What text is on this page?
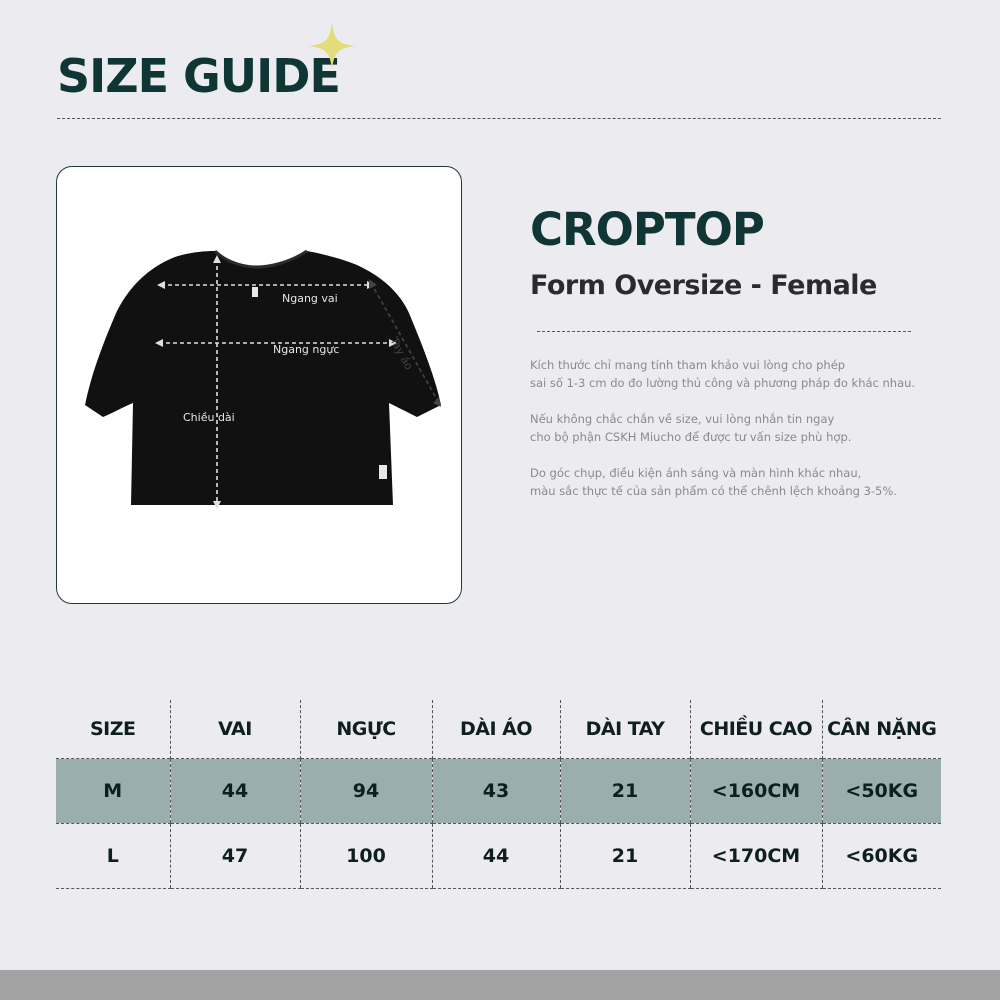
SIZE GUIDE
Ngang vai
Ngang ngực
Chiều dài
Tay áo
CROPTOP
Form Oversize - Female
Kích thước chỉ mang tính tham khảo vui lòng cho phép
sai số 1-3 cm do đo lường thủ công và phương pháp đo khác nhau.
Nếu không chắc chắn về size, vui lòng nhắn tin ngay
cho bộ phận CSKH Miucho để được tư vấn size phù hợp.
Do góc chụp, điều kiện ánh sáng và màn hình khác nhau,
màu sắc thực tế của sản phẩm có thể chênh lệch khoảng 3-5%.
SIZE	VAI	NGỰC	DÀI ÁO	DÀI TAY	CHIỀU CAO	CÂN NẶNG
M	44	94	43	21	<160CM	<50KG
L	47	100	44	21	<170CM	<60KG
